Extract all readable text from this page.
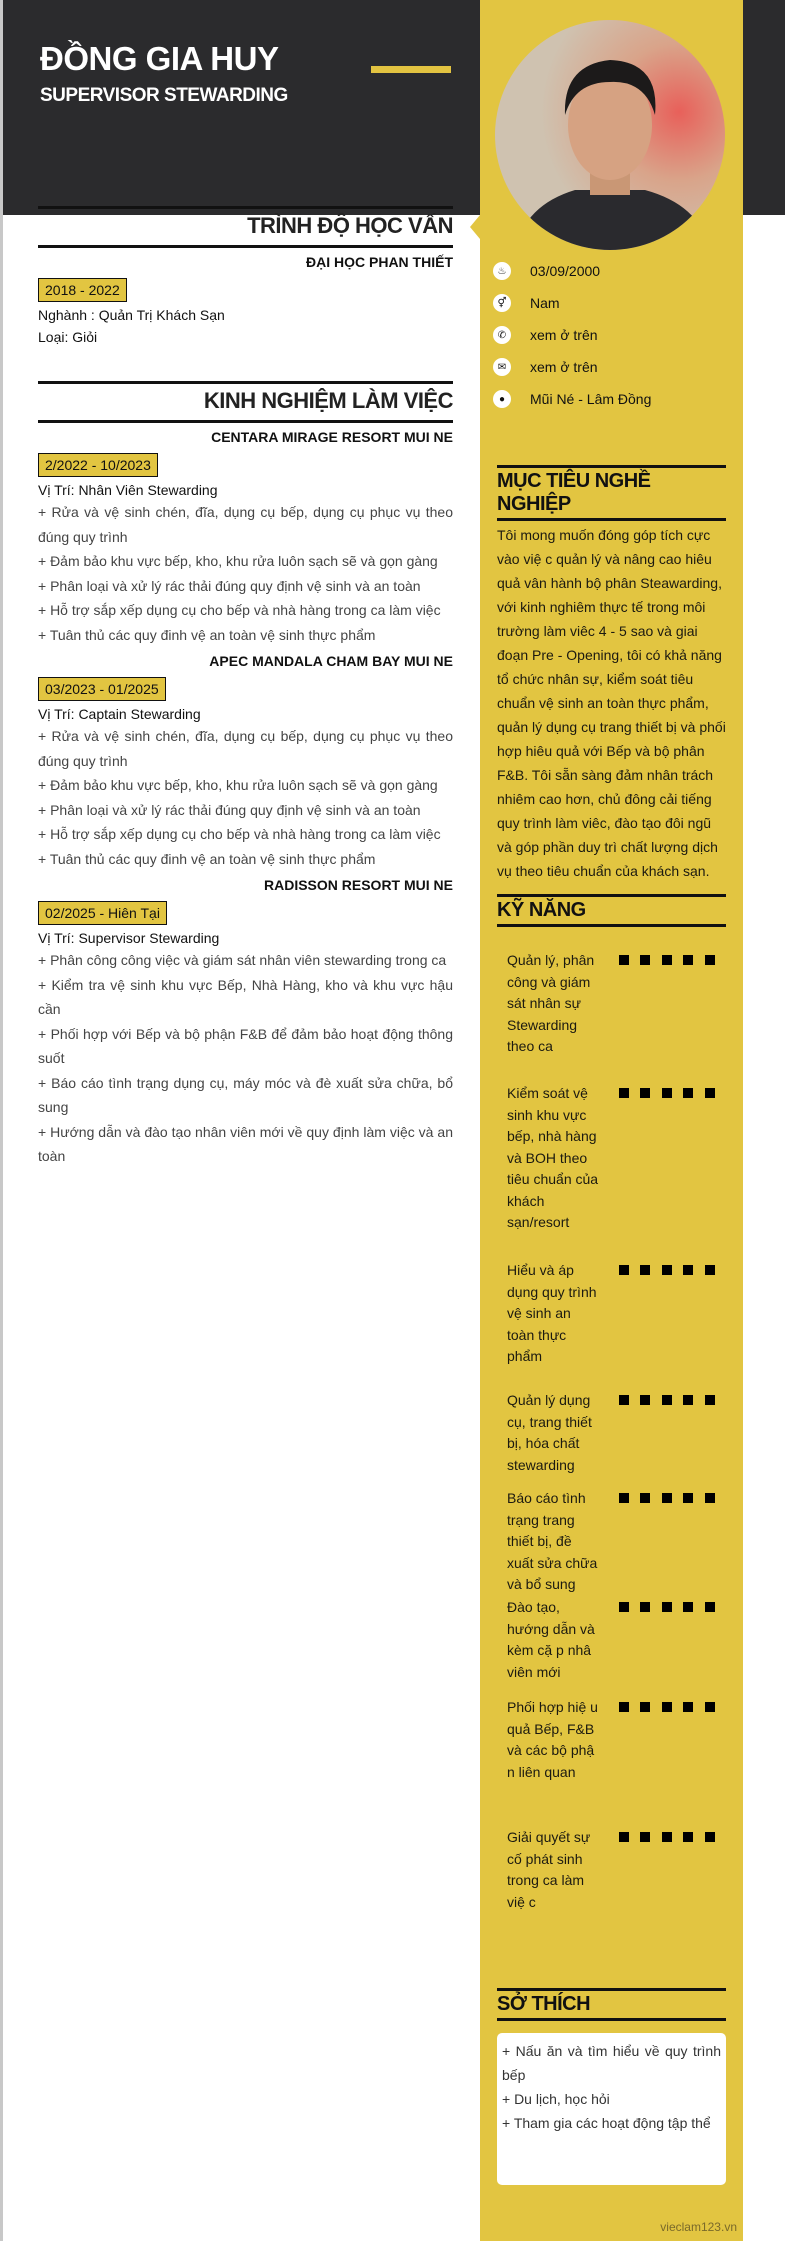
ĐỒNG GIA HUY
SUPERVISOR STEWARDING
♨	03/09/2000
⚥	Nam
✆	xem ở trên
✉	xem ở trên
●	Mũi Né - Lâm Đồng
TRÌNH ĐỘ HỌC VẤN
ĐẠI HỌC PHAN THIẾT
2018 - 2022
Nghành : Quản Trị Khách Sạn
Loại: Giỏi
KINH NGHIỆM LÀM VIỆC
CENTARA MIRAGE RESORT MUI NE
2/2022 - 10/2023
Vị Trí: Nhân Viên Stewarding
+ Rửa và vệ sinh chén, đĩa, dụng cụ bếp, dụng cụ phục vụ theo đúng quy trình
+ Đảm bảo khu vực bếp, kho, khu rửa luôn sạch sẽ và gọn gàng
+ Phân loại và xử lý rác thải đúng quy định vệ sinh và an toàn
+ Hỗ trợ sắp xếp dụng cụ cho bếp và nhà hàng trong ca làm việc
+ Tuân thủ các quy đinh vệ an toàn vệ sinh thực phẩm
APEC MANDALA CHAM BAY MUI NE
03/2023 - 01/2025
Vị Trí: Captain Stewarding
+ Rửa và vệ sinh chén, đĩa, dụng cụ bếp, dụng cụ phục vụ theo đúng quy trình
+ Đảm bảo khu vực bếp, kho, khu rửa luôn sạch sẽ và gọn gàng
+ Phân loại và xử lý rác thải đúng quy định vệ sinh và an toàn
+ Hỗ trợ sắp xếp dụng cụ cho bếp và nhà hàng trong ca làm việc
+ Tuân thủ các quy đinh vệ an toàn vệ sinh thực phẩm
RADISSON RESORT MUI NE
02/2025 - Hiên Tại
Vị Trí: Supervisor Stewarding
+ Phân công công việc và giám sát nhân viên stewarding trong ca
+ Kiểm tra vệ sinh khu vực Bếp, Nhà Hàng, kho và khu vực hậu cần
+ Phối hợp với Bếp và bộ phận F&B để đảm bảo hoạt động thông suốt
+ Báo cáo tình trạng dụng cụ, máy móc và đè xuất sửa chữa, bổ sung
+ Hướng dẫn và đào tạo nhân viên mới về quy định làm việc và an toàn
MỤC TIÊU NGHỀ NGHIỆP
Tôi mong muốn đóng góp tích cực vào việ c quản lý và nâng cao hiêu quả vân hành bộ phân Steawarding, với kinh nghiêm thực tế trong môi trường làm viêc 4 - 5 sao và giai đoạn Pre - Opening, tôi có khả năng tổ chức nhân sự, kiểm soát tiêu chuẩn vệ sinh an toàn thực phẩm, quản lý dụng cụ trang thiết bị và phối hợp hiêu quả với Bếp và bộ phân F&B. Tôi sẵn sàng đảm nhân trách nhiêm cao hơn, chủ đông cải tiếng quy trình làm viêc, đào tạo đôi ngũ và góp phần duy trì chất lượng dịch vụ theo tiêu chuẩn của khách sạn.
KỸ NĂNG
Quản lý, phân công và giám sát nhân sự Stewarding theo ca
Kiểm soát vệ sinh khu vực bếp, nhà hàng và BOH theo tiêu chuẩn của khách sạn/resort
Hiểu và áp dụng quy trình vệ sinh an toàn thực phẩm
Quản lý dụng cụ, trang thiết bị, hóa chất stewarding
Báo cáo tình trạng trang thiết bị, đề xuất sửa chữa và bổ sung
Đào tạo, hướng dẫn và kèm cặ p nhâ viên mới
Phối hợp hiệ u quả Bếp, F&B và các bộ phậ n liên quan
Giải quyết sự cố phát sinh trong ca làm việ c
SỞ THÍCH
+ Nấu ăn và tìm hiểu về quy trình bếp
+ Du lịch, học hỏi
+ Tham gia các hoạt động tập thể
vieclam123.vn
